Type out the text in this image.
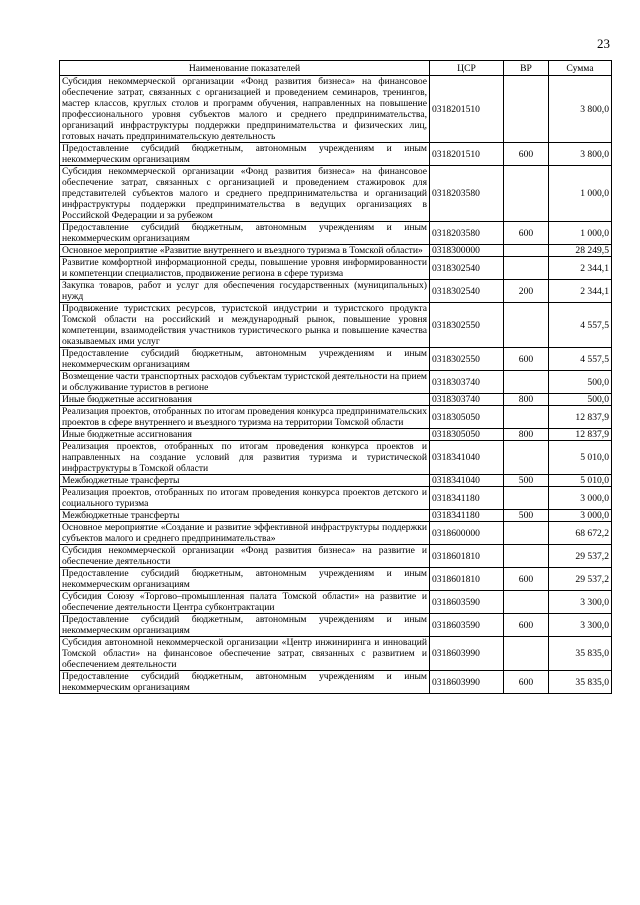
23
Наименование показателей	ЦСР	ВР	Сумма
Субсидия некоммерческой организации «Фонд развития бизнеса» на финансовое обеспечение затрат, связанных с организацией и проведением семинаров, тренингов, мастер классов, круглых столов и программ обучения, направленных на повышение профессионального уровня субъектов малого и среднего предпринимательства, организаций инфраструктуры поддержки предпринимательства и физических лиц, готовых начать предпринимательскую деятельность	0318201510		3 800,0
Предоставление субсидий бюджетным, автономным учреждениям и иным некоммерческим организациям	0318201510	600	3 800,0
Субсидия некоммерческой организации «Фонд развития бизнеса» на финансовое обеспечение затрат, связанных с организацией и проведением стажировок для представителей субъектов малого и среднего предпринимательства и организаций инфраструктуры поддержки предпринимательства в ведущих организациях в Российской Федерации и за рубежом	0318203580		1 000,0
Предоставление субсидий бюджетным, автономным учреждениям и иным некоммерческим организациям	0318203580	600	1 000,0
Основное мероприятие «Развитие внутреннего и въездного туризма в Томской области»	0318300000		28 249,5
Развитие комфортной информационной среды, повышение уровня информированности и компетенции специалистов, продвижение региона в сфере туризма	0318302540		2 344,1
Закупка товаров, работ и услуг для обеспечения государственных (муниципальных) нужд	0318302540	200	2 344,1
Продвижение туристских ресурсов, туристской индустрии и туристского продукта Томской области на российский и международный рынок, повышение уровня компетенции, взаимодействия участников туристического рынка и повышение качества оказываемых ими услуг	0318302550		4 557,5
Предоставление субсидий бюджетным, автономным учреждениям и иным некоммерческим организациям	0318302550	600	4 557,5
Возмещение части транспортных расходов субъектам туристской деятельности на прием и обслуживание туристов в регионе	0318303740		500,0
Иные бюджетные ассигнования	0318303740	800	500,0
Реализация проектов, отобранных по итогам проведения конкурса предпринимательских проектов в сфере внутреннего и въездного туризма на территории Томской области	0318305050		12 837,9
Иные бюджетные ассигнования	0318305050	800	12 837,9
Реализация проектов, отобранных по итогам проведения конкурса проектов и направленных на создание условий для развития туризма и туристической инфраструктуры в Томской области	0318341040		5 010,0
Межбюджетные трансферты	0318341040	500	5 010,0
Реализация проектов, отобранных по итогам проведения конкурса проектов детского и социального туризма	0318341180		3 000,0
Межбюджетные трансферты	0318341180	500	3 000,0
Основное мероприятие «Создание и развитие эффективной инфраструктуры поддержки субъектов малого и среднего предпринимательства»	0318600000		68 672,2
Субсидия некоммерческой организации «Фонд развития бизнеса» на развитие и обеспечение деятельности	0318601810		29 537,2
Предоставление субсидий бюджетным, автономным учреждениям и иным некоммерческим организациям	0318601810	600	29 537,2
Субсидия Союзу «Торгово–промышленная палата Томской области» на развитие и обеспечение деятельности Центра субконтрактации	0318603590		3 300,0
Предоставление субсидий бюджетным, автономным учреждениям и иным некоммерческим организациям	0318603590	600	3 300,0
Субсидия автономной некоммерческой организации «Центр инжиниринга и инноваций Томской области» на финансовое обеспечение затрат, связанных с развитием и обеспечением деятельности	0318603990		35 835,0
Предоставление субсидий бюджетным, автономным учреждениям и иным некоммерческим организациям	0318603990	600	35 835,0
